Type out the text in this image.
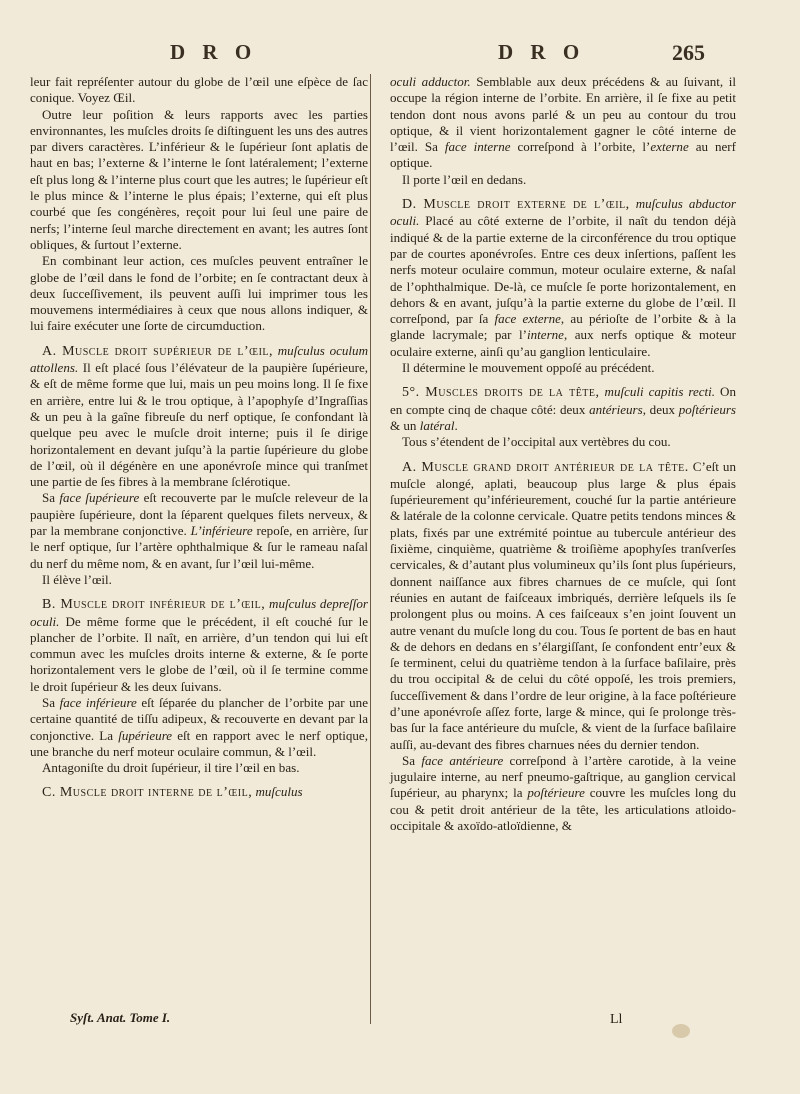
D R O	D R O	265

leur fait repréſenter autour du globe de l’œil une eſpèce de ſac conique. Voyez Œil.

Outre leur poſition & leurs rapports avec les parties environnantes, les muſcles droits ſe diſtinguent les uns des autres par divers caractères. L’inférieur & le ſupérieur ſont aplatis de haut en bas; l’externe & l’interne le ſont latéralement; l’externe eſt plus long & l’interne plus court que les autres; le ſupérieur eſt le plus mince & l’interne le plus épais; l’externe, qui eſt plus courbé que ſes congénères, reçoit pour lui ſeul une paire de nerfs; l’interne ſeul marche directement en avant; les autres ſont obliques, & ſurtout l’externe.

En combinant leur action, ces muſcles peuvent entraîner le globe de l’œil dans le fond de l’orbite; en ſe contractant deux à deux ſucceſſivement, ils peuvent auſſi lui imprimer tous les mouvemens intermédiaires à ceux que nous allons indiquer, & lui faire exécuter une ſorte de circumduction.

A. Muscle droit supérieur de l’œil, muſculus oculum attollens. Il eſt placé ſous l’élévateur de la paupière ſupérieure, & eſt de même forme que lui, mais un peu moins long. Il ſe fixe en arrière, entre lui & le trou optique, à l’apophyſe d’Ingraſſias & un peu à la gaîne fibreuſe du nerf optique, ſe confondant là quelque peu avec le muſcle droit interne; puis il ſe dirige horizontalement en devant juſqu’à la partie ſupérieure du globe de l’œil, où il dégénère en une aponévroſe mince qui tranſmet une partie de ſes fibres à la membrane ſclérotique.

Sa face ſupérieure eſt recouverte par le muſcle releveur de la paupière ſupérieure, dont la ſéparent quelques filets nerveux, & par la membrane conjonctive. L’inférieure repoſe, en arrière, ſur le nerf optique, ſur l’artère ophthalmique & ſur le rameau naſal du nerf du même nom, & en avant, ſur l’œil lui-même.

Il élève l’œil.

B. Muscle droit inférieur de l’œil, muſculus depreſſor oculi. De même forme que le précédent, il eſt couché ſur le plancher de l’orbite. Il naît, en arrière, d’un tendon qui lui eſt commun avec les muſcles droits interne & externe, & ſe porte horizontalement vers le globe de l’œil, où il ſe termine comme le droit ſupérieur & les deux ſuivans.

Sa face inférieure eſt ſéparée du plancher de l’orbite par une certaine quantité de tiſſu adipeux, & recouverte en devant par la conjonctive. La ſupérieure eſt en rapport avec le nerf optique, une branche du nerf moteur oculaire commun, & l’œil.

Antagoniſte du droit ſupérieur, il tire l’œil en bas.

C. Muscle droit interne de l’œil, muſculus

oculi adductor. Semblable aux deux précédens & au ſuivant, il occupe la région interne de l’orbite. En arrière, il ſe fixe au petit tendon dont nous avons parlé & un peu au contour du trou optique, & il vient horizontalement gagner le côté interne de l’œil. Sa face interne correſpond à l’orbite, l’externe au nerf optique.

Il porte l’œil en dedans.

D. Muscle droit externe de l’œil, muſculus abductor oculi. Placé au côté externe de l’orbite, il naît du tendon déjà indiqué & de la partie externe de la circonférence du trou optique par de courtes aponévroſes. Entre ces deux inſertions, paſſent les nerfs moteur oculaire commun, moteur oculaire externe, & naſal de l’ophthalmique. De-là, ce muſcle ſe porte horizontalement, en dehors & en avant, juſqu’à la partie externe du globe de l’œil. Il correſpond, par ſa face externe, au périoſte de l’orbite & à la glande lacrymale; par l’interne, aux nerfs optique & moteur oculaire externe, ainſi qu’au ganglion lenticulaire.

Il détermine le mouvement oppoſé au précédent.

5°. Muscles droits de la tête, muſculi capitis recti. On en compte cinq de chaque côté: deux antérieurs, deux poſtérieurs & un latéral.

Tous s’étendent de l’occipital aux vertèbres du cou.

A. Muscle grand droit antérieur de la tête. C’eſt un muſcle alongé, aplati, beaucoup plus large & plus épais ſupérieurement qu’inférieurement, couché ſur la partie antérieure & latérale de la colonne cervicale. Quatre petits tendons minces & plats, fixés par une extrémité pointue au tubercule antérieur des ſixième, cinquième, quatrième & troiſième apophyſes tranſverſes cervicales, & d’autant plus volumineux qu’ils ſont plus ſupérieurs, donnent naiſſance aux fibres charnues de ce muſcle, qui ſont réunies en autant de faiſceaux imbriqués, derrière leſquels ils ſe prolongent plus ou moins. A ces faiſceaux s’en joint ſouvent un autre venant du muſcle long du cou. Tous ſe portent de bas en haut & de dehors en dedans en s’élargiſſant, ſe confondent entr’eux & ſe terminent, celui du quatrième tendon à la ſurface baſilaire, près du trou occipital & de celui du côté oppoſé, les trois premiers, ſucceſſivement & dans l’ordre de leur origine, à la face poſtérieure d’une aponévroſe aſſez forte, large & mince, qui ſe prolonge très-bas ſur la face antérieure du muſcle, & vient de la ſurface baſilaire auſſi, au-devant des fibres charnues nées du dernier tendon.

Sa face antérieure correſpond à l’artère carotide, à la veine jugulaire interne, au nerf pneumo-gaſtrique, au ganglion cervical ſupérieur, au pharynx; la poſtérieure couvre les muſcles long du cou & petit droit antérieur de la tête, les articulations atloido-occipitale & axoïdo-atloïdienne, &

Syſt. Anat. Tome I.	Ll
